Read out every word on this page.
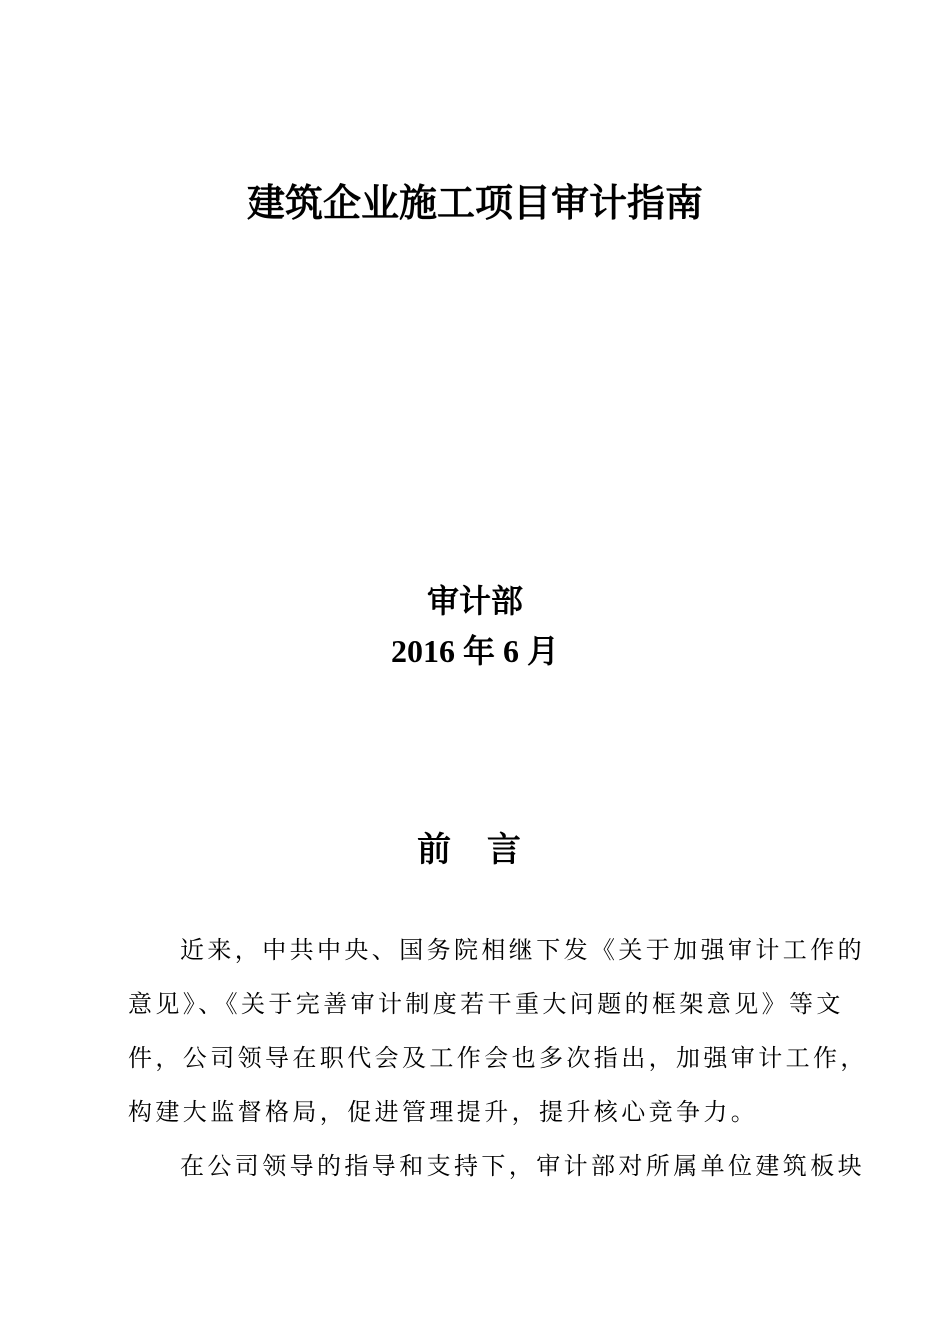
建筑企业施工项目审计指南
审计部
2016 年 6 月
前 言
近来，中共中央、国务院相继下发《关于加强审计工作的
意见》、《关于完善审计制度若干重大问题的框架意见》等文
件，公司领导在职代会及工作会也多次指出，加强审计工作，
构建大监督格局，促进管理提升，提升核心竞争力。
在公司领导的指导和支持下，审计部对所属单位建筑板块
